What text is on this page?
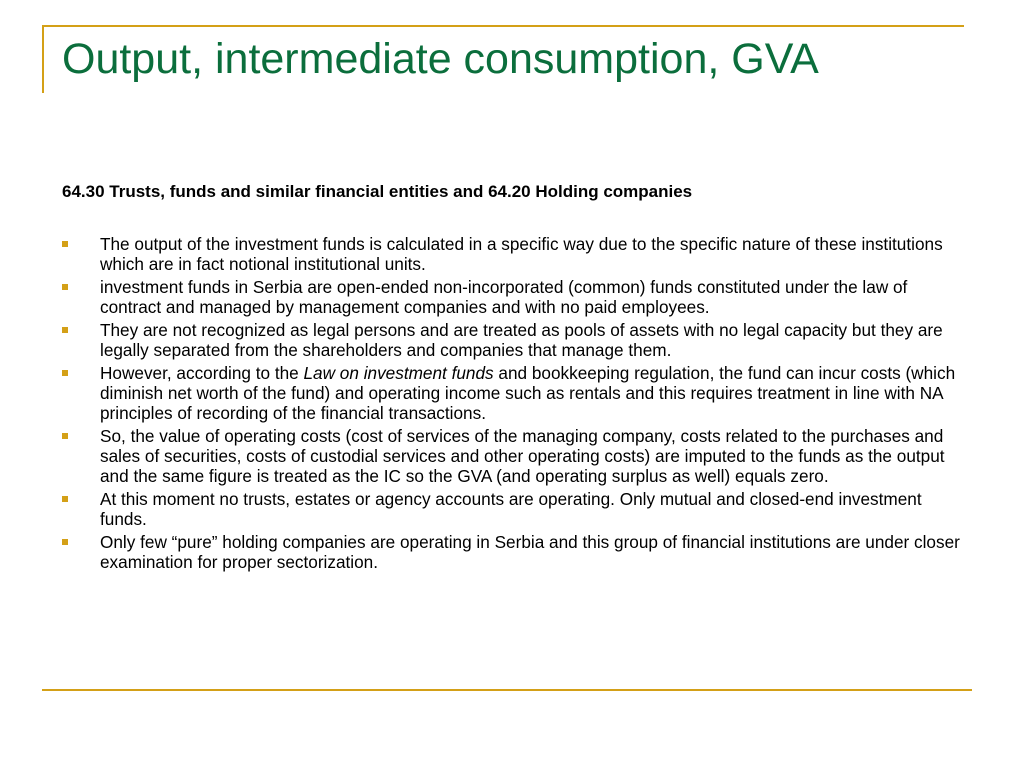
Output, intermediate consumption, GVA

64.30 Trusts, funds and similar financial entities and 64.20 Holding companies

The output of the investment funds is calculated in a specific way due to the specific nature of these institutions which are in fact notional institutional units.
investment funds in Serbia are open-ended non-incorporated (common) funds constituted under the law of contract and managed by management companies and with no paid employees.
They are not recognized as legal persons and are treated as pools of assets with no legal capacity but they are legally separated from the shareholders and companies that manage them.
However, according to the Law on investment funds and bookkeeping regulation, the fund can incur costs (which diminish net worth of the fund) and operating income such as rentals and this requires treatment in line with NA principles of recording of the financial transactions.
So, the value of operating costs (cost of services of the managing company, costs related to the purchases and sales of securities, costs of custodial services and other operating costs) are imputed to the funds as the output and the same figure is treated as the IC so the GVA (and operating surplus as well) equals zero.
At this moment no trusts, estates or agency accounts are operating. Only mutual and closed-end investment funds.
Only few “pure” holding companies are operating in Serbia and this group of financial institutions are under closer examination for proper sectorization.
